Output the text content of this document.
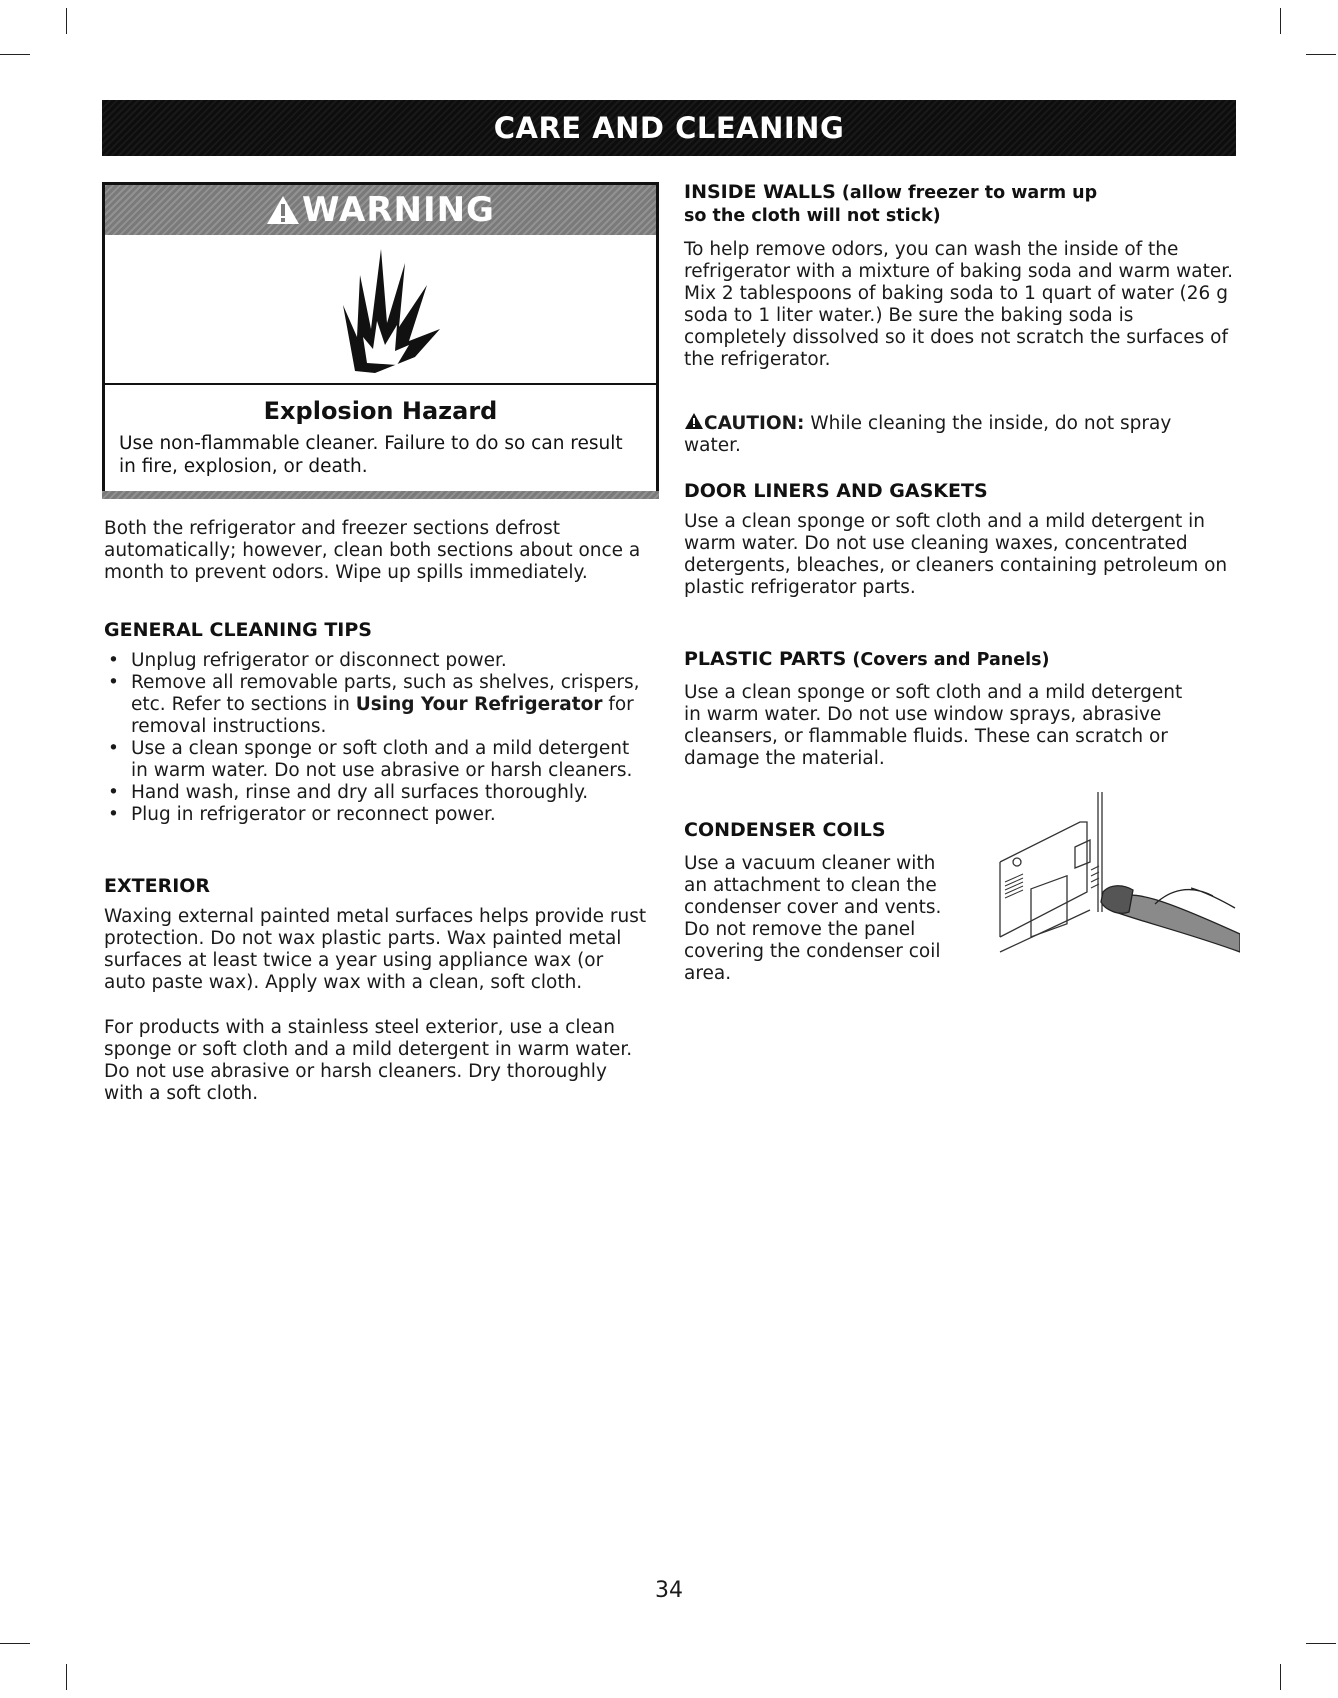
CARE AND CLEANING
WARNING
Explosion Hazard
Use non-flammable cleaner. Failure to do so can result in fire, explosion, or death.
Both the refrigerator and freezer sections defrost automatically; however, clean both sections about once a month to prevent odors. Wipe up spills immediately.
GENERAL CLEANING TIPS
• Unplug refrigerator or disconnect power.
• Remove all removable parts, such as shelves, crispers, etc. Refer to sections in Using Your Refrigerator for removal instructions.
• Use a clean sponge or soft cloth and a mild detergent in warm water. Do not use abrasive or harsh cleaners.
• Hand wash, rinse and dry all surfaces thoroughly.
• Plug in refrigerator or reconnect power.
EXTERIOR
Waxing external painted metal surfaces helps provide rust protection. Do not wax plastic parts. Wax painted metal surfaces at least twice a year using appliance wax (or auto paste wax). Apply wax with a clean, soft cloth.
For products with a stainless steel exterior, use a clean sponge or soft cloth and a mild detergent in warm water. Do not use abrasive or harsh cleaners. Dry thoroughly with a soft cloth.
INSIDE WALLS (allow freezer to warm up so the cloth will not stick)
To help remove odors, you can wash the inside of the refrigerator with a mixture of baking soda and warm water. Mix 2 tablespoons of baking soda to 1 quart of water (26 g soda to 1 liter water.) Be sure the baking soda is completely dissolved so it does not scratch the surfaces of the refrigerator.
CAUTION: While cleaning the inside, do not spray water.
DOOR LINERS AND GASKETS
Use a clean sponge or soft cloth and a mild detergent in warm water. Do not use cleaning waxes, concentrated detergents, bleaches, or cleaners containing petroleum on plastic refrigerator parts.
PLASTIC PARTS (Covers and Panels)
Use a clean sponge or soft cloth and a mild detergent in warm water. Do not use window sprays, abrasive cleansers, or flammable fluids. These can scratch or damage the material.
CONDENSER COILS
Use a vacuum cleaner with an attachment to clean the condenser cover and vents. Do not remove the panel covering the condenser coil area.
34
